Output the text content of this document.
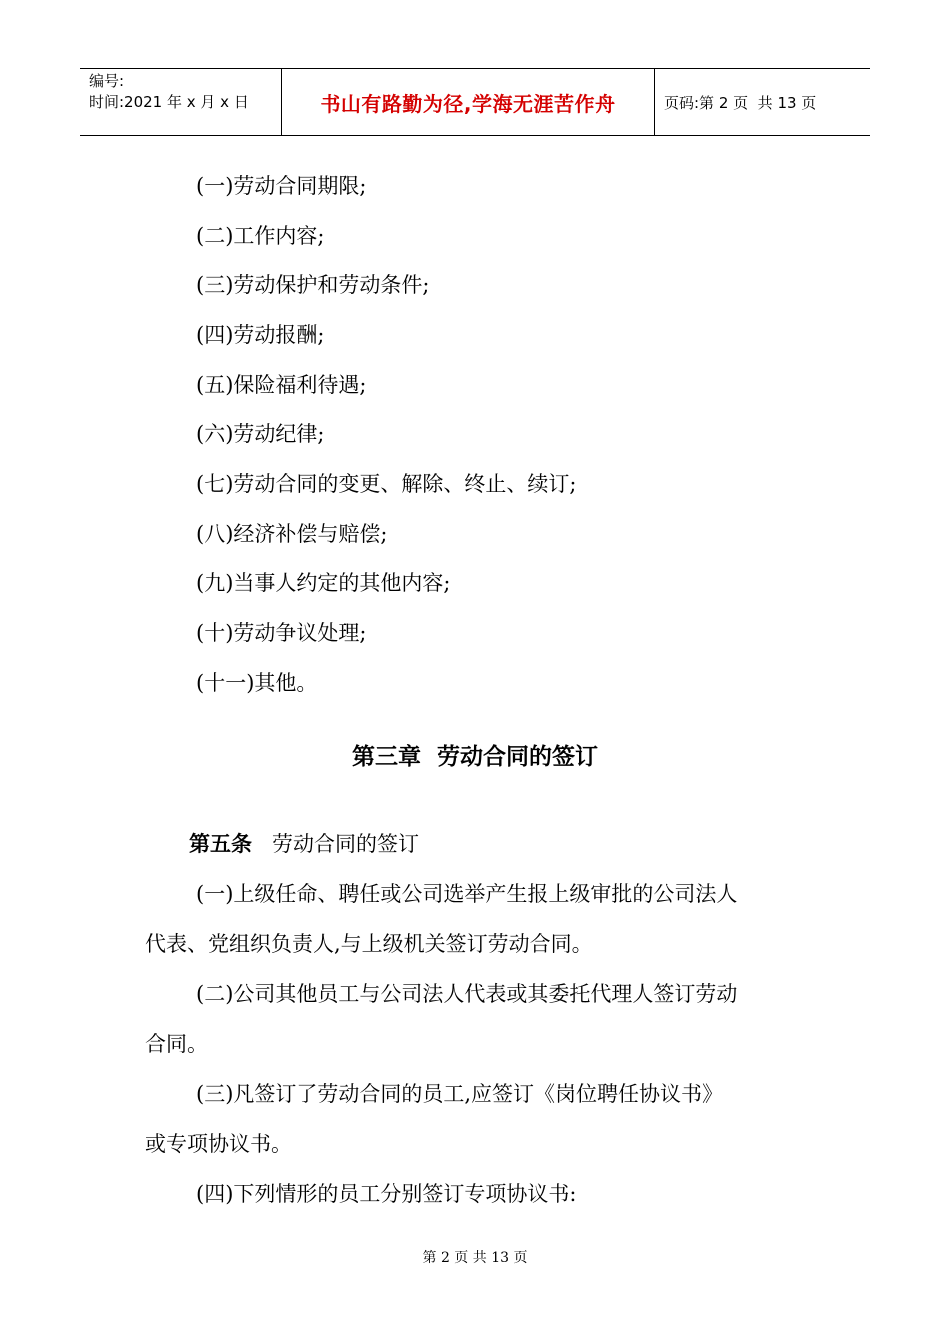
编号:
时间:2021 年 x 月 x 日	书山有路勤为径,学海无涯苦作舟	页码:第 2 页  共 13 页
(一)劳动合同期限;
(二)工作内容;
(三)劳动保护和劳动条件;
(四)劳动报酬;
(五)保险福利待遇;
(六)劳动纪律;
(七)劳动合同的变更、解除、终止、续订;
(八)经济补偿与赔偿;
(九)当事人约定的其他内容;
(十)劳动争议处理;
(十一)其他。
第三章  劳动合同的签订
第五条 劳动合同的签订
(一)上级任命、聘任或公司选举产生报上级审批的公司法人
代表、党组织负责人,与上级机关签订劳动合同。
(二)公司其他员工与公司法人代表或其委托代理人签订劳动
合同。
(三)凡签订了劳动合同的员工,应签订《岗位聘任协议书》
或专项协议书。
(四)下列情形的员工分别签订专项协议书:
第 2 页 共 13 页
